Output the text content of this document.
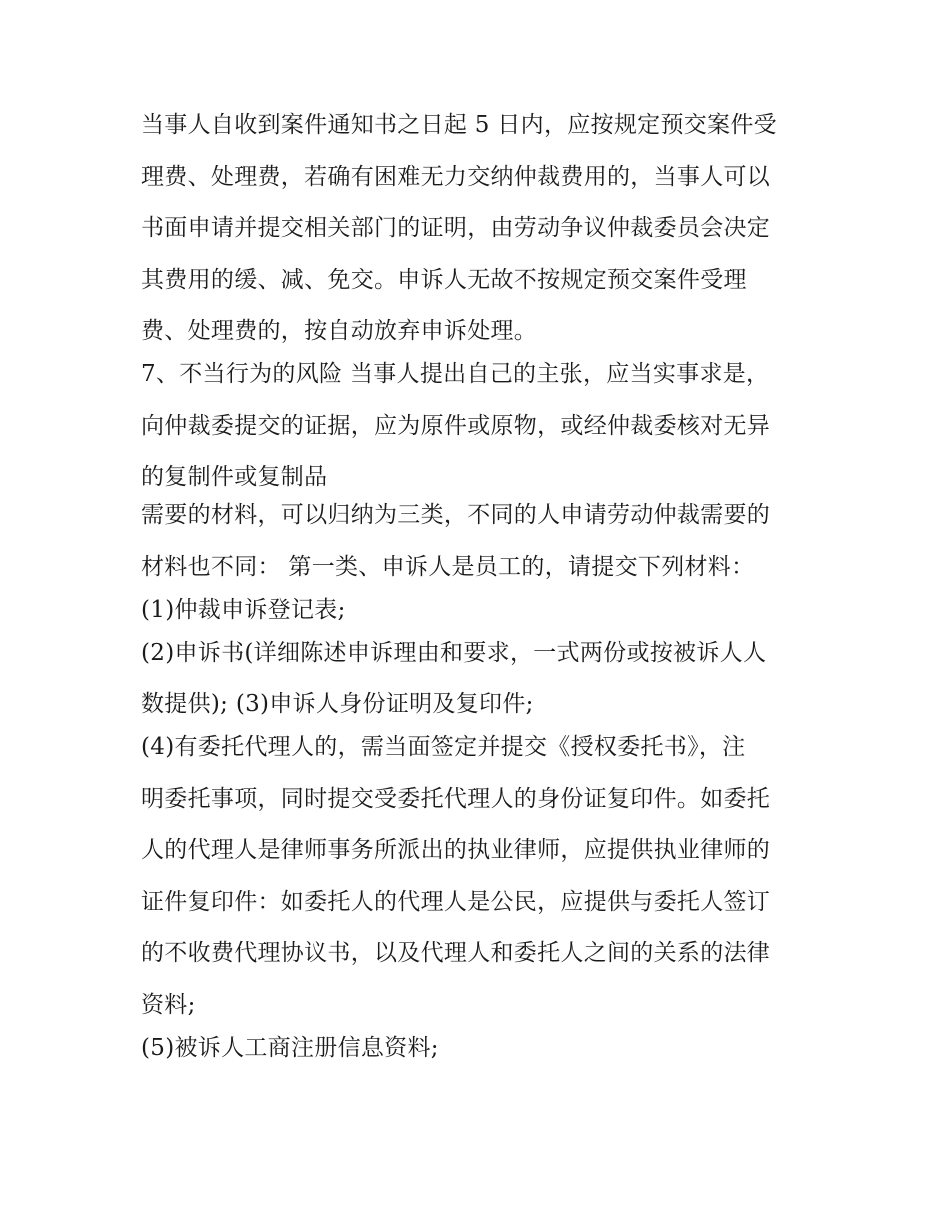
当事人自收到案件通知书之日起 5 日内，应按规定预交案件受
理费、处理费，若确有困难无力交纳仲裁费用的，当事人可以
书面申请并提交相关部门的证明，由劳动争议仲裁委员会决定
其费用的缓、减、免交。申诉人无故不按规定预交案件受理
费、处理费的，按自动放弃申诉处理。
7、不当行为的风险 当事人提出自己的主张，应当实事求是，
向仲裁委提交的证据，应为原件或原物，或经仲裁委核对无异
的复制件或复制品
需要的材料，可以归纳为三类，不同的人申请劳动仲裁需要的
材料也不同： 第一类、申诉人是员工的，请提交下列材料：
(1)仲裁申诉登记表;
(2)申诉书(详细陈述申诉理由和要求，一式两份或按被诉人人
数提供); (3)申诉人身份证明及复印件;
(4)有委托代理人的，需当面签定并提交《授权委托书》，注
明委托事项，同时提交受委托代理人的身份证复印件。如委托
人的代理人是律师事务所派出的执业律师，应提供执业律师的
证件复印件：如委托人的代理人是公民，应提供与委托人签订
的不收费代理协议书，以及代理人和委托人之间的关系的法律
资料;
(5)被诉人工商注册信息资料;
